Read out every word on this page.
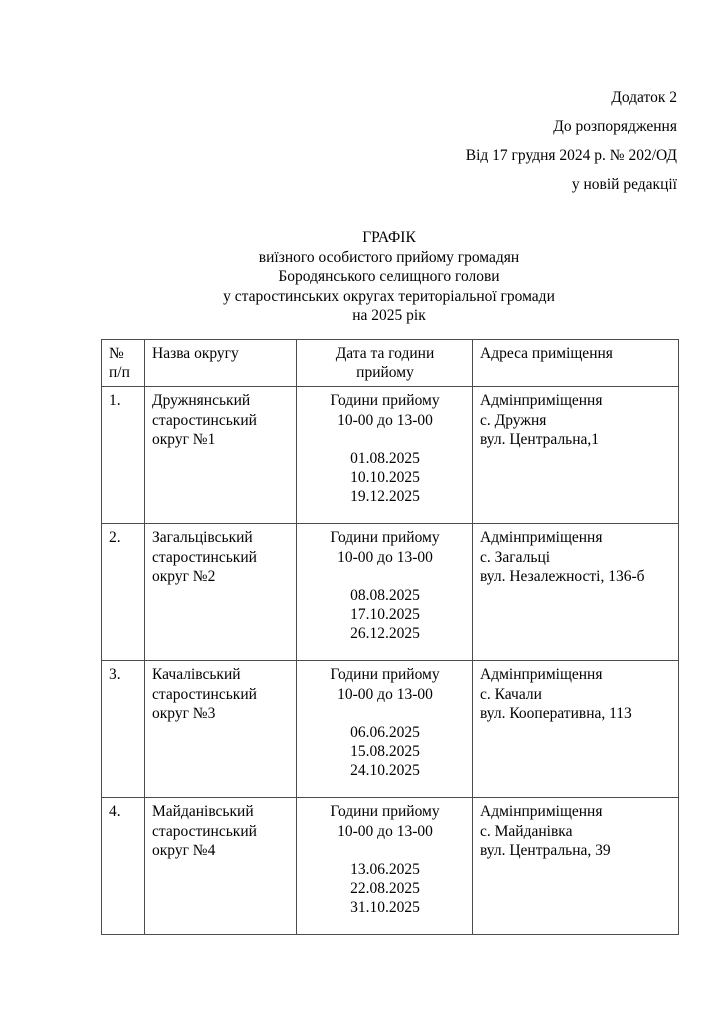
Додаток 2
До розпорядження
Від 17 грудня 2024 р. № 202/ОД
у новій редакції
ГРАФІК
виїзного особистого прийому громадян
Бородянського селищного голови
у старостинських округах територіальної громади
на 2025 рік
№
п/п	Назва округу	Дата та години
прийому	Адреса приміщення

1.	Дружнянський
старостинський
округ №1	Години прийому
10-00 до 13-00
01.08.2025
10.10.2025
19.12.2025	Адмінприміщення
с. Дружня
вул. Центральна,1

2.	Загальцівський
старостинський
округ №2	Години прийому
10-00 до 13-00
08.08.2025
17.10.2025
26.12.2025	Адмінприміщення
с. Загальці
вул. Незалежності, 136-б

3.	Качалівський
старостинський
округ №3	Години прийому
10-00 до 13-00
06.06.2025
15.08.2025
24.10.2025	Адмінприміщення
с. Качали
вул. Кооперативна, 113

4.	Майданівський
старостинський
округ №4	Години прийому
10-00 до 13-00
13.06.2025
22.08.2025
31.10.2025	Адмінприміщення
с. Майданівка
вул. Центральна, 39
